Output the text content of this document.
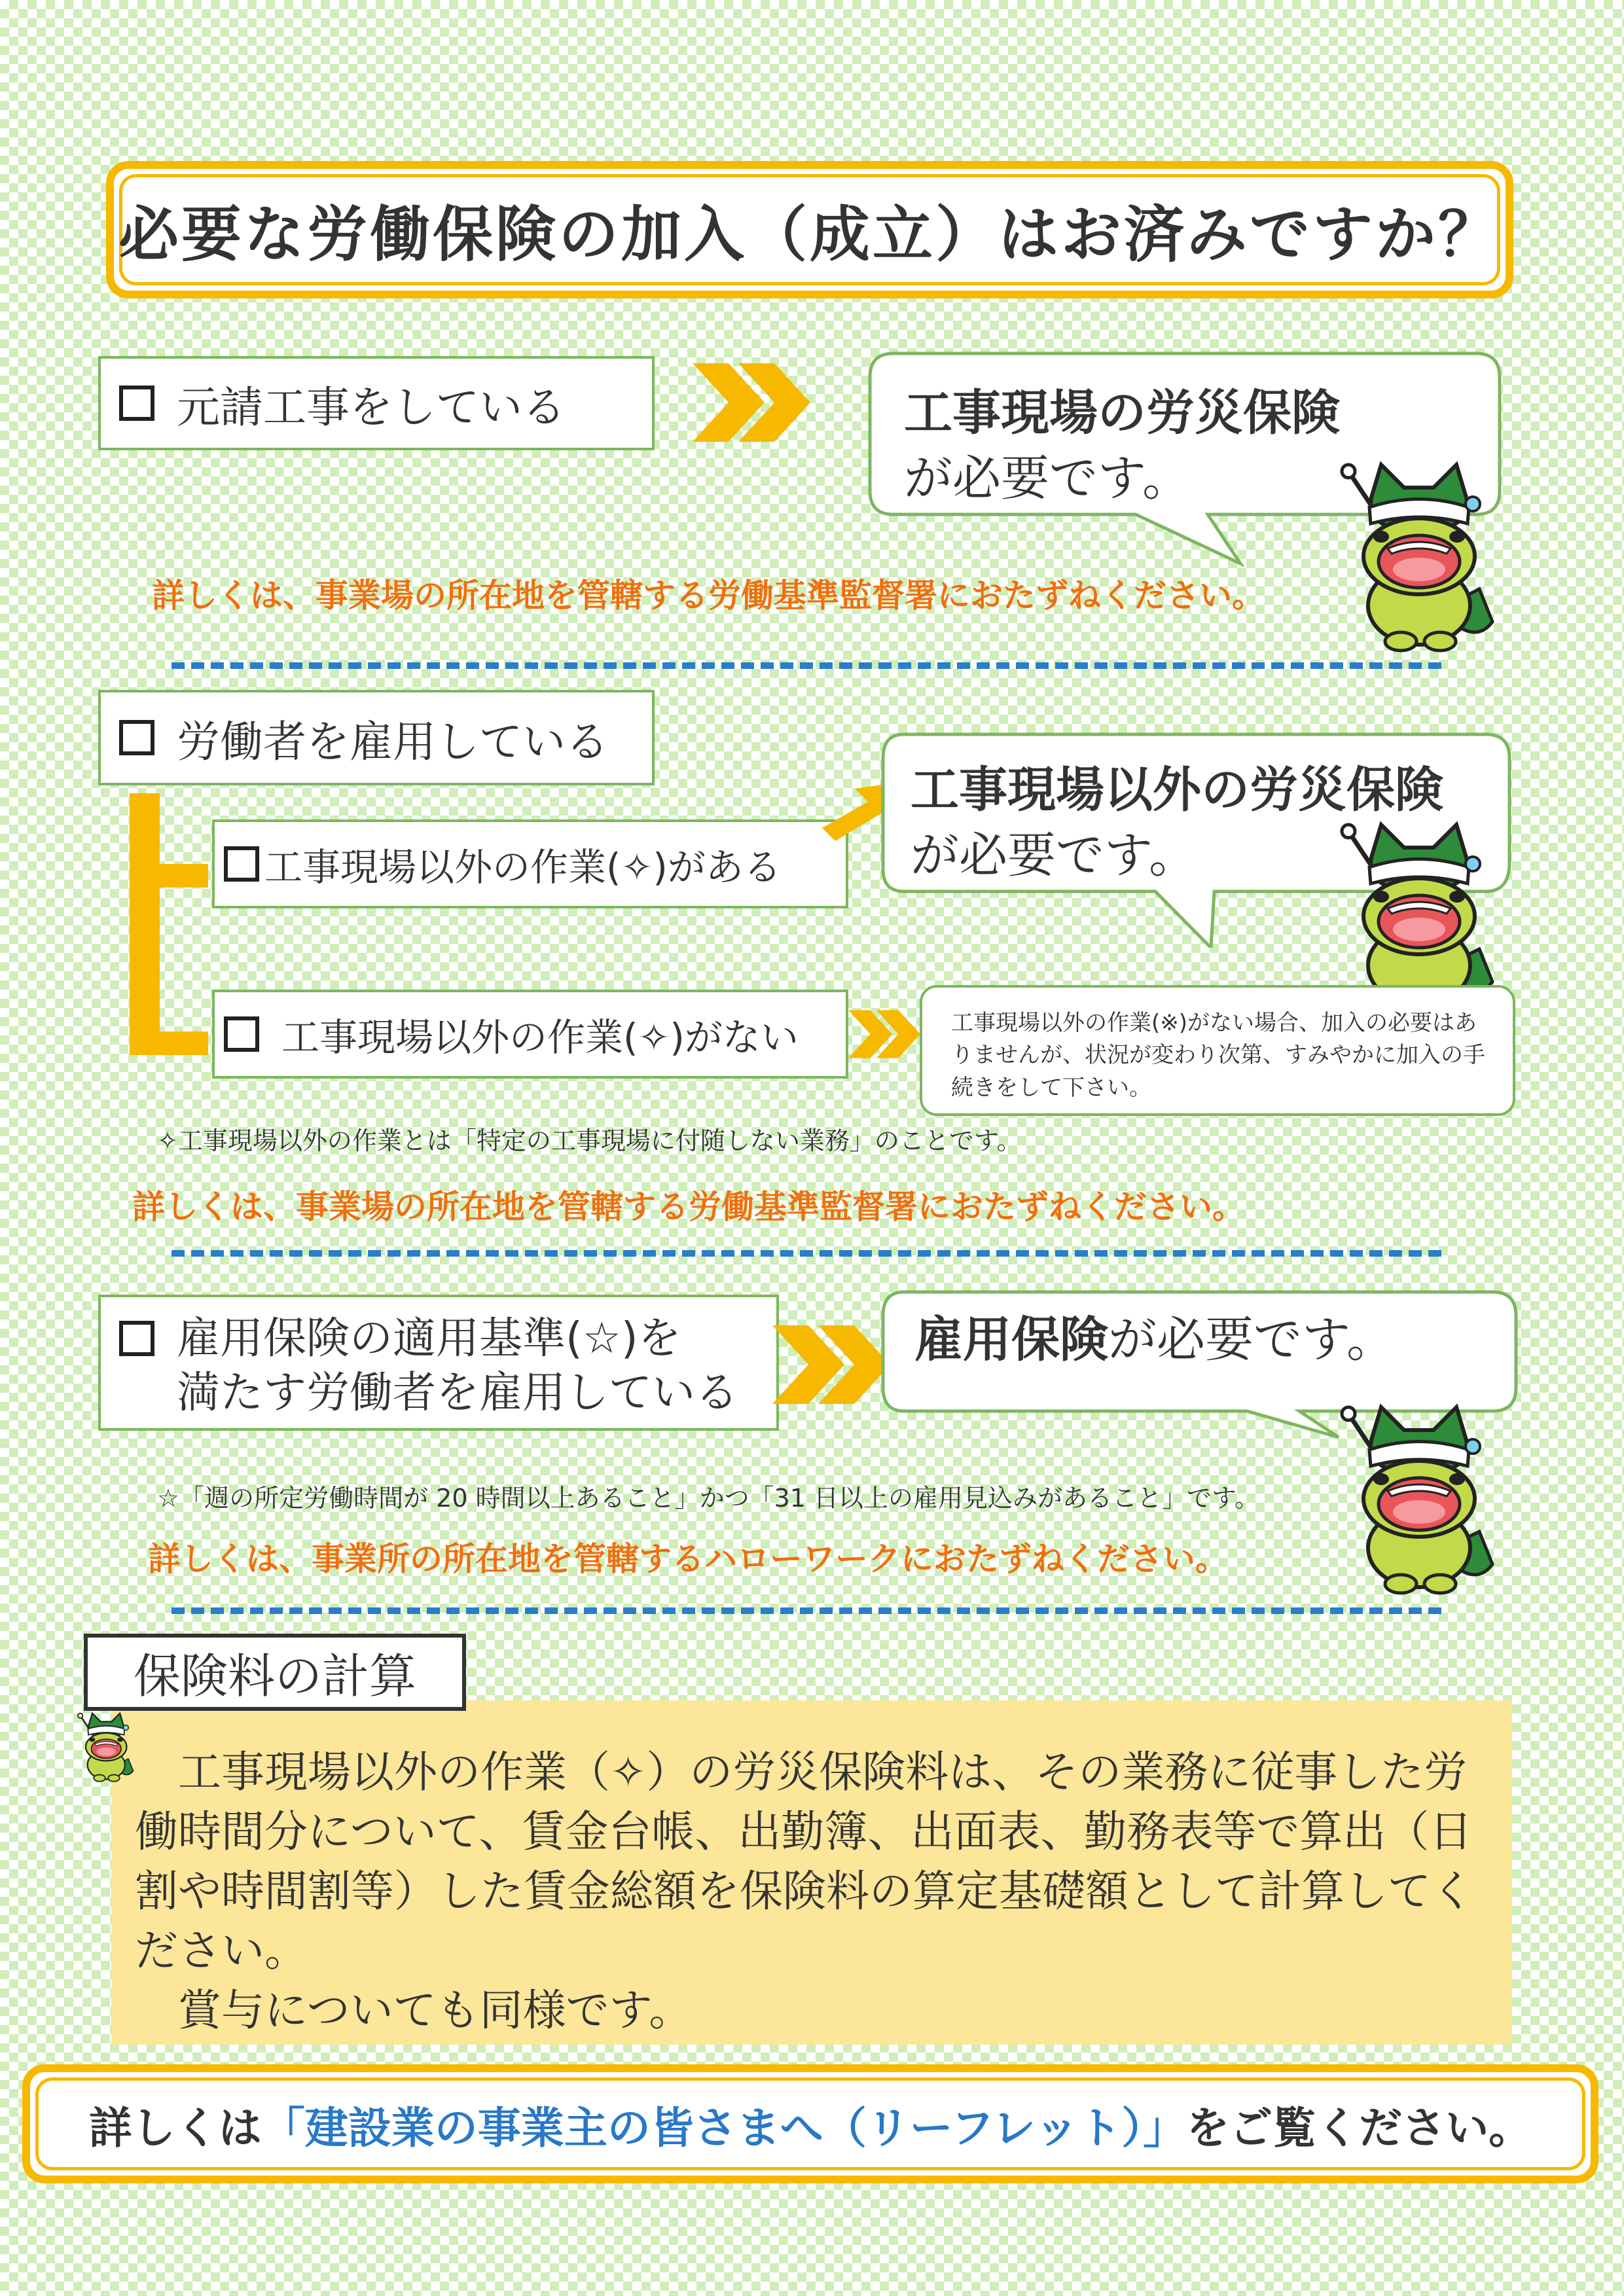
必要な労働保険の加入（成立）はお済みですか？
元請工事をしている	工事現場の労災保険
が必要です。
詳しくは、事業場の所在地を管轄する労働基準監督署におたずねください。
労働者を雇用している
工事現場以外の作業(✧)がある
工事現場以外の労災保険
が必要です。
工事現場以外の作業(✧)がない	工事現場以外の作業(※)がない場合、加入の必要はありませんが、状況が変わり次第、すみやかに加入の手続きをして下さい。
✧工事現場以外の作業とは「特定の工事現場に付随しない業務」のことです。
詳しくは、事業場の所在地を管轄する労働基準監督署におたずねください。
雇用保険の適用基準(☆)を
満たす労働者を雇用している
雇用保険が必要です。
☆「週の所定労働時間が 20 時間以上あること」かつ「31 日以上の雇用見込みがあること」です。
詳しくは、事業所の所在地を管轄するハローワークにおたずねください。

工事現場以外の作業（✧）の労災保険料は、その業務に従事した労働時間分について、賃金台帳、出勤簿、出面表、勤務表等で算出（日割や時間割等）した賃金総額を保険料の算定基礎額として計算してください。

賞与についても同様です。

保険料の計算
詳しくは「建設業の事業主の皆さまへ（リーフレット）」をご覧ください。
